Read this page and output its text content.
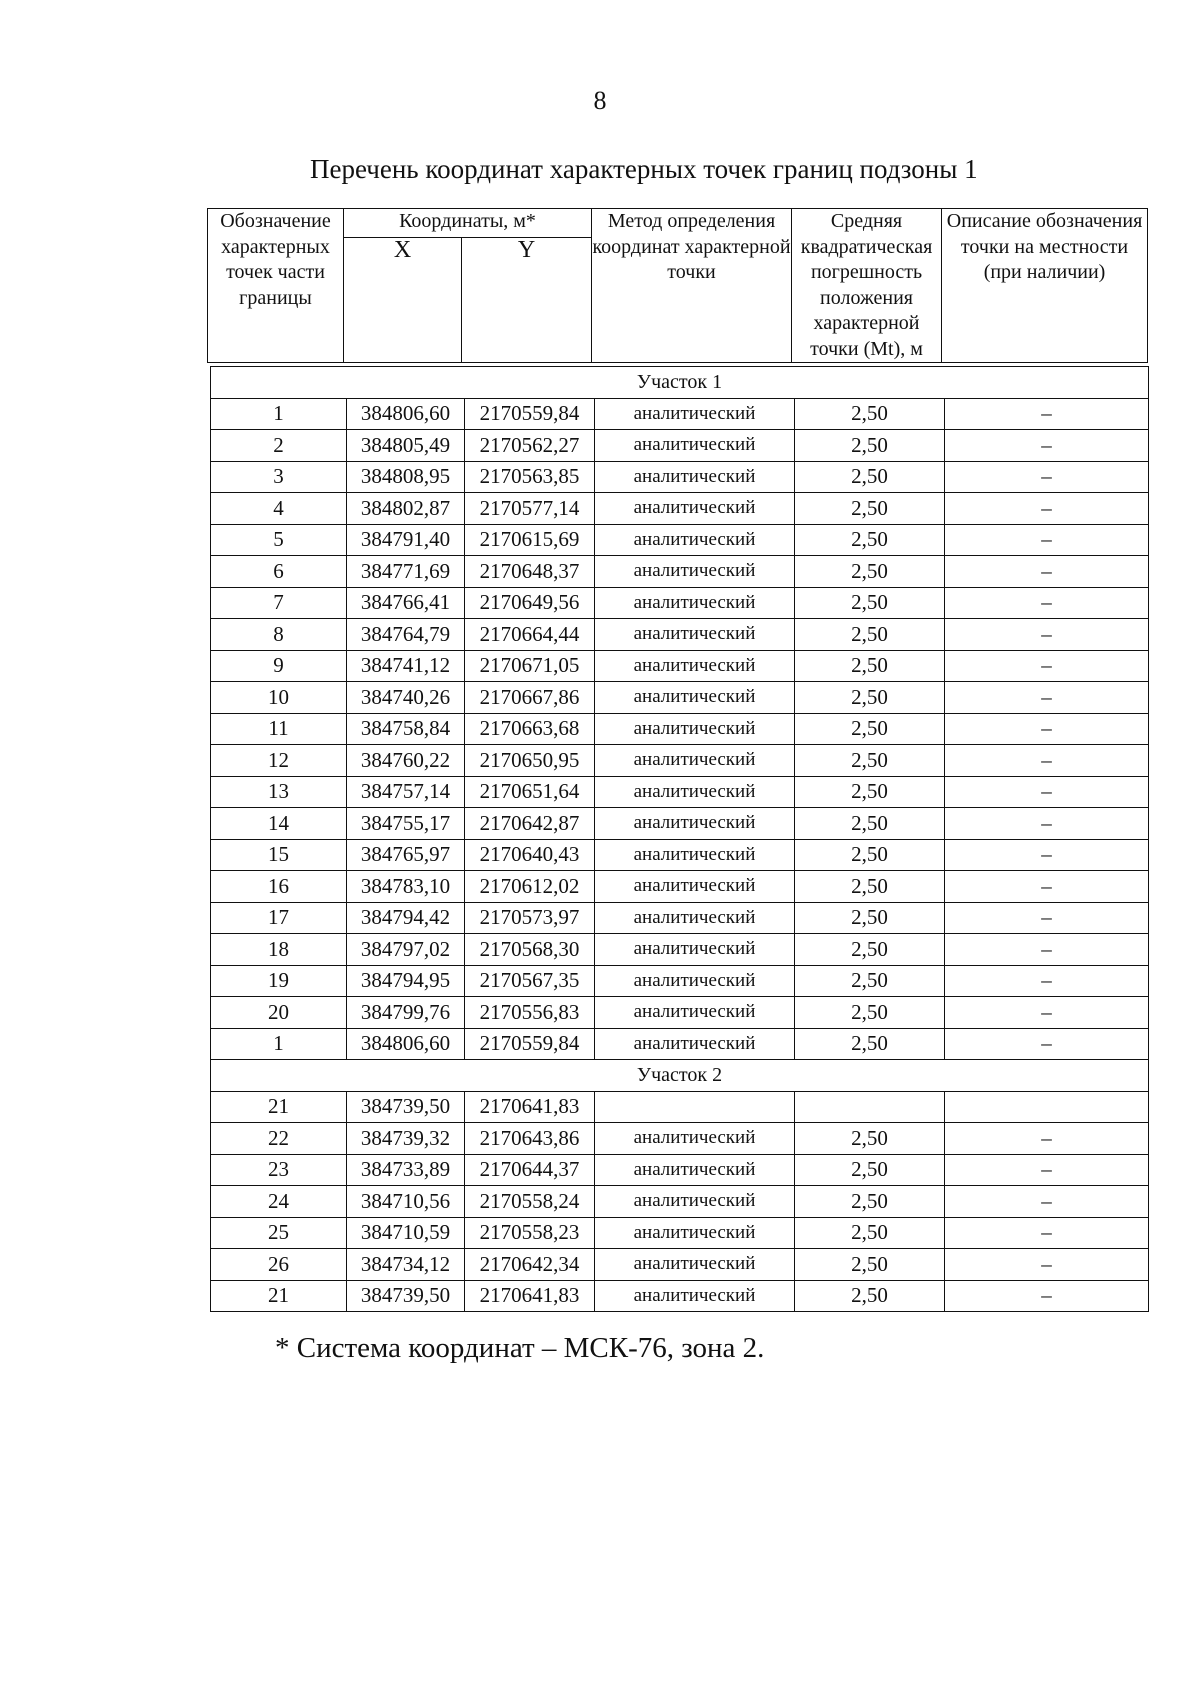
8
Перечень координат характерных точек границ подзоны 1
Обозначение характерных точек части границы	Координаты, м*		Метод определения координат характерной точки	Средняя квадратическая погрешность положения характерной точки (Mt), м	Описание обозначения точки на местности (при наличии)
	X	Y			
Участок 1					
1	384806,60	2170559,84	аналитический	2,50	–
2	384805,49	2170562,27	аналитический	2,50	–
3	384808,95	2170563,85	аналитический	2,50	–
4	384802,87	2170577,14	аналитический	2,50	–
5	384791,40	2170615,69	аналитический	2,50	–
6	384771,69	2170648,37	аналитический	2,50	–
7	384766,41	2170649,56	аналитический	2,50	–
8	384764,79	2170664,44	аналитический	2,50	–
9	384741,12	2170671,05	аналитический	2,50	–
10	384740,26	2170667,86	аналитический	2,50	–
11	384758,84	2170663,68	аналитический	2,50	–
12	384760,22	2170650,95	аналитический	2,50	–
13	384757,14	2170651,64	аналитический	2,50	–
14	384755,17	2170642,87	аналитический	2,50	–
15	384765,97	2170640,43	аналитический	2,50	–
16	384783,10	2170612,02	аналитический	2,50	–
17	384794,42	2170573,97	аналитический	2,50	–
18	384797,02	2170568,30	аналитический	2,50	–
19	384794,95	2170567,35	аналитический	2,50	–
20	384799,76	2170556,83	аналитический	2,50	–
1	384806,60	2170559,84	аналитический	2,50	–
Участок 2					
21	384739,50	2170641,83			
22	384739,32	2170643,86	аналитический	2,50	–
23	384733,89	2170644,37	аналитический	2,50	–
24	384710,56	2170558,24	аналитический	2,50	–
25	384710,59	2170558,23	аналитический	2,50	–
26	384734,12	2170642,34	аналитический	2,50	–
21	384739,50	2170641,83	аналитический	2,50	–
* Система координат – МСК-76, зона 2.
